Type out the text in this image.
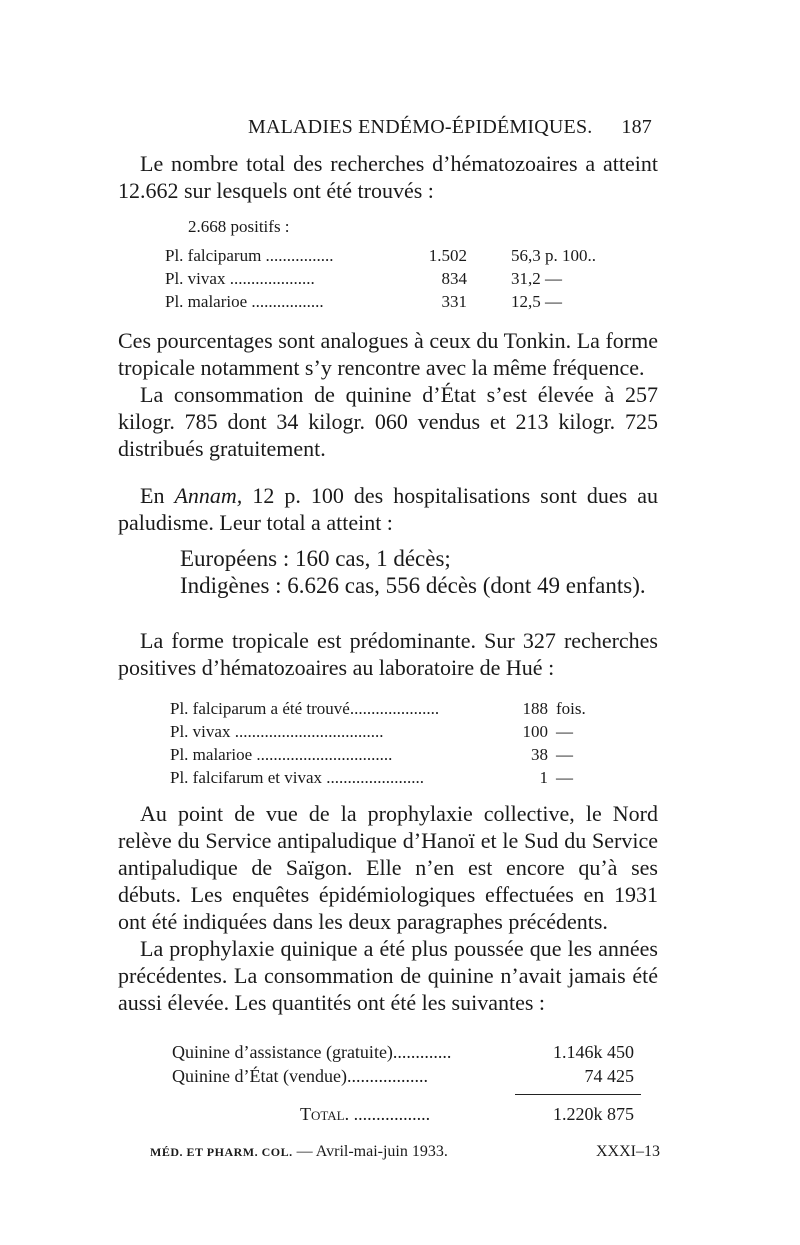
MALADIES ENDÉMO-ÉPIDÉMIQUES. 187

Le nombre total des recherches d’hématozoaires a atteint 12.662 sur lesquels ont été trouvés :

2.668 positifs :
Pl. falciparum ................	1.502	56,3 p. 100..
Pl. vivax ....................	834	31,2 —
Pl. malarioe .................	331	12,5 —

Ces pourcentages sont analogues à ceux du Tonkin. La forme tropicale notamment s’y rencontre avec la même fréquence.

La consommation de quinine d’État s’est élevée à 257 kilogr. 785 dont 34 kilogr. 060 vendus et 213 kilogr. 725 distribués gratuitement.

En Annam, 12 p. 100 des hospitalisations sont dues au paludisme. Leur total a atteint :

Européens : 160 cas, 1 décès;
Indigènes : 6.626 cas, 556 décès (dont 49 enfants).

La forme tropicale est prédominante. Sur 327 recherches positives d’hématozoaires au laboratoire de Hué :

Pl. falciparum a été trouvé.....................	188 fois.
Pl. vivax ...................................	100 —
Pl. malarioe ................................	38 —
Pl. falcifarum et vivax .......................	1 —

Au point de vue de la prophylaxie collective, le Nord relève du Service antipaludique d’Hanoï et le Sud du Service antipaludique de Saïgon. Elle n’en est encore qu’à ses débuts. Les enquêtes épidémiologiques effectuées en 1931 ont été indiquées dans les deux paragraphes précédents.

La prophylaxie quinique a été plus poussée que les années précédentes. La consommation de quinine n’avait jamais été aussi élevée. Les quantités ont été les suivantes :

Quinine d’assistance (gratuite).............	1.146k 450
Quinine d’État (vendue)..................	74 425
Total. .................	1.220k 875
MÉD. ET PHARM. COL. — Avril-mai-juin 1933.	XXXI–13
